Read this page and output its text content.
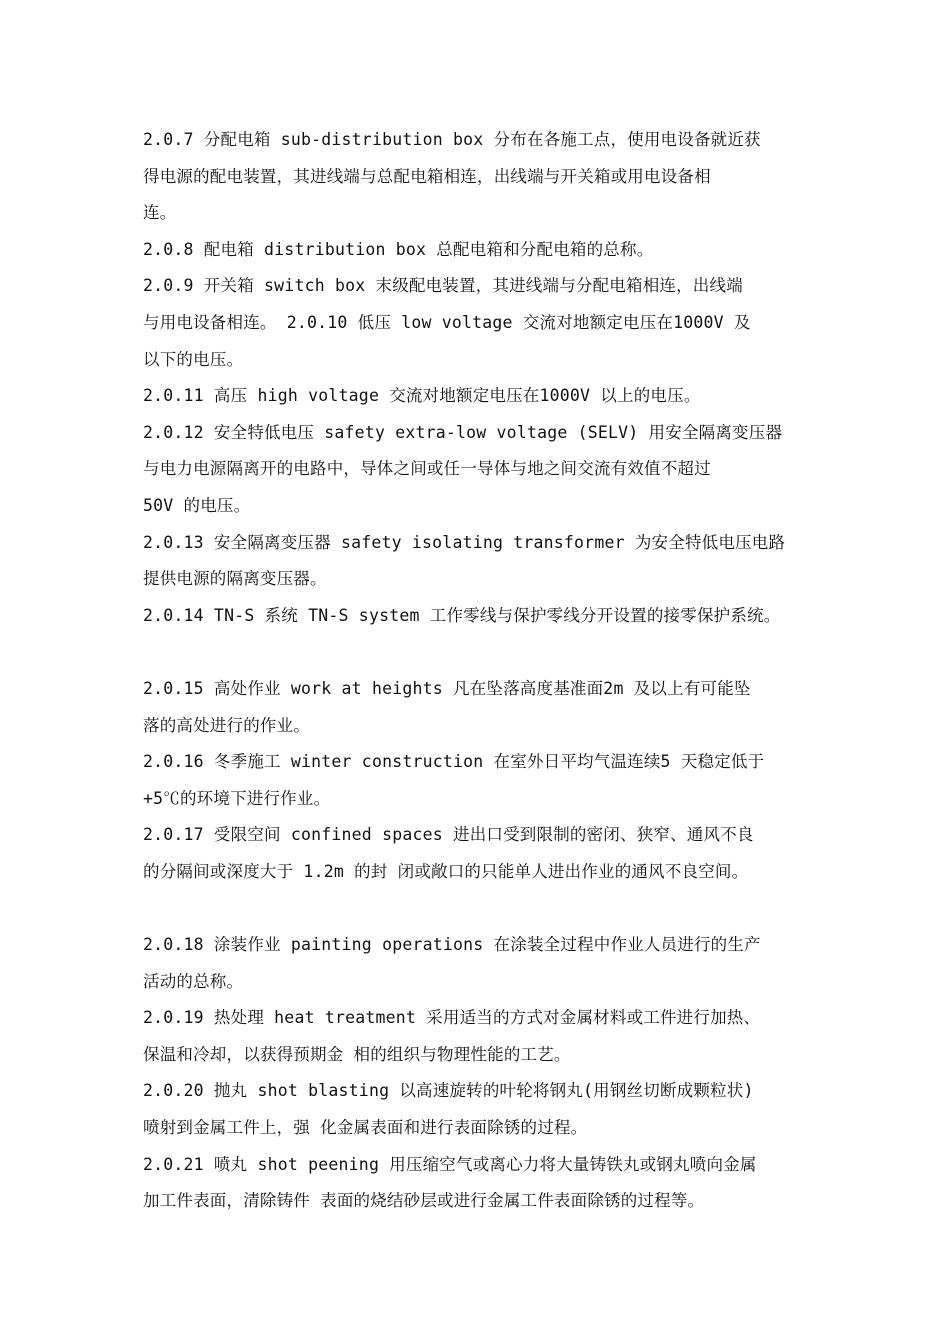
2.0.7 分配电箱 sub-distribution box 分布在各施工点，使用电设备就近获
得电源的配电装置，其进线端与总配电箱相连，出线端与开关箱或用电设备相
连。
2.0.8 配电箱 distribution box 总配电箱和分配电箱的总称。
2.0.9 开关箱 switch box 末级配电装置，其进线端与分配电箱相连，出线端
与用电设备相连。 2.0.10 低压 low voltage 交流对地额定电压在1000V 及
以下的电压。
2.0.11 高压 high voltage 交流对地额定电压在1000V 以上的电压。
2.0.12 安全特低电压 safety extra-low voltage (SELV) 用安全隔离变压器
与电力电源隔离开的电路中，导体之间或任一导体与地之间交流有效值不超过
50V 的电压。
2.0.13 安全隔离变压器 safety isolating transformer 为安全特低电压电路
提供电源的隔离变压器。
2.0.14 TN-S 系统 TN-S system 工作零线与保护零线分开设置的接零保护系统。
2.0.15 高处作业 work at heights 凡在坠落高度基准面2m 及以上有可能坠
落的高处进行的作业。
2.0.16 冬季施工 winter construction 在室外日平均气温连续5 天稳定低于
+5℃的环境下进行作业。
2.0.17 受限空间 confined spaces 进出口受到限制的密闭、狭窄、通风不良
的分隔间或深度大于 1.2m 的封 闭或敞口的只能单人进出作业的通风不良空间。
2.0.18 涂装作业 painting operations 在涂装全过程中作业人员进行的生产
活动的总称。
2.0.19 热处理 heat treatment 采用适当的方式对金属材料或工件进行加热、
保温和冷却，以获得预期金 相的组织与物理性能的工艺。
2.0.20 抛丸 shot blasting 以高速旋转的叶轮将钢丸(用钢丝切断成颗粒状)
喷射到金属工件上，强 化金属表面和进行表面除锈的过程。
2.0.21 喷丸 shot peening 用压缩空气或离心力将大量铸铁丸或钢丸喷向金属
加工件表面，清除铸件 表面的烧结砂层或进行金属工件表面除锈的过程等。
